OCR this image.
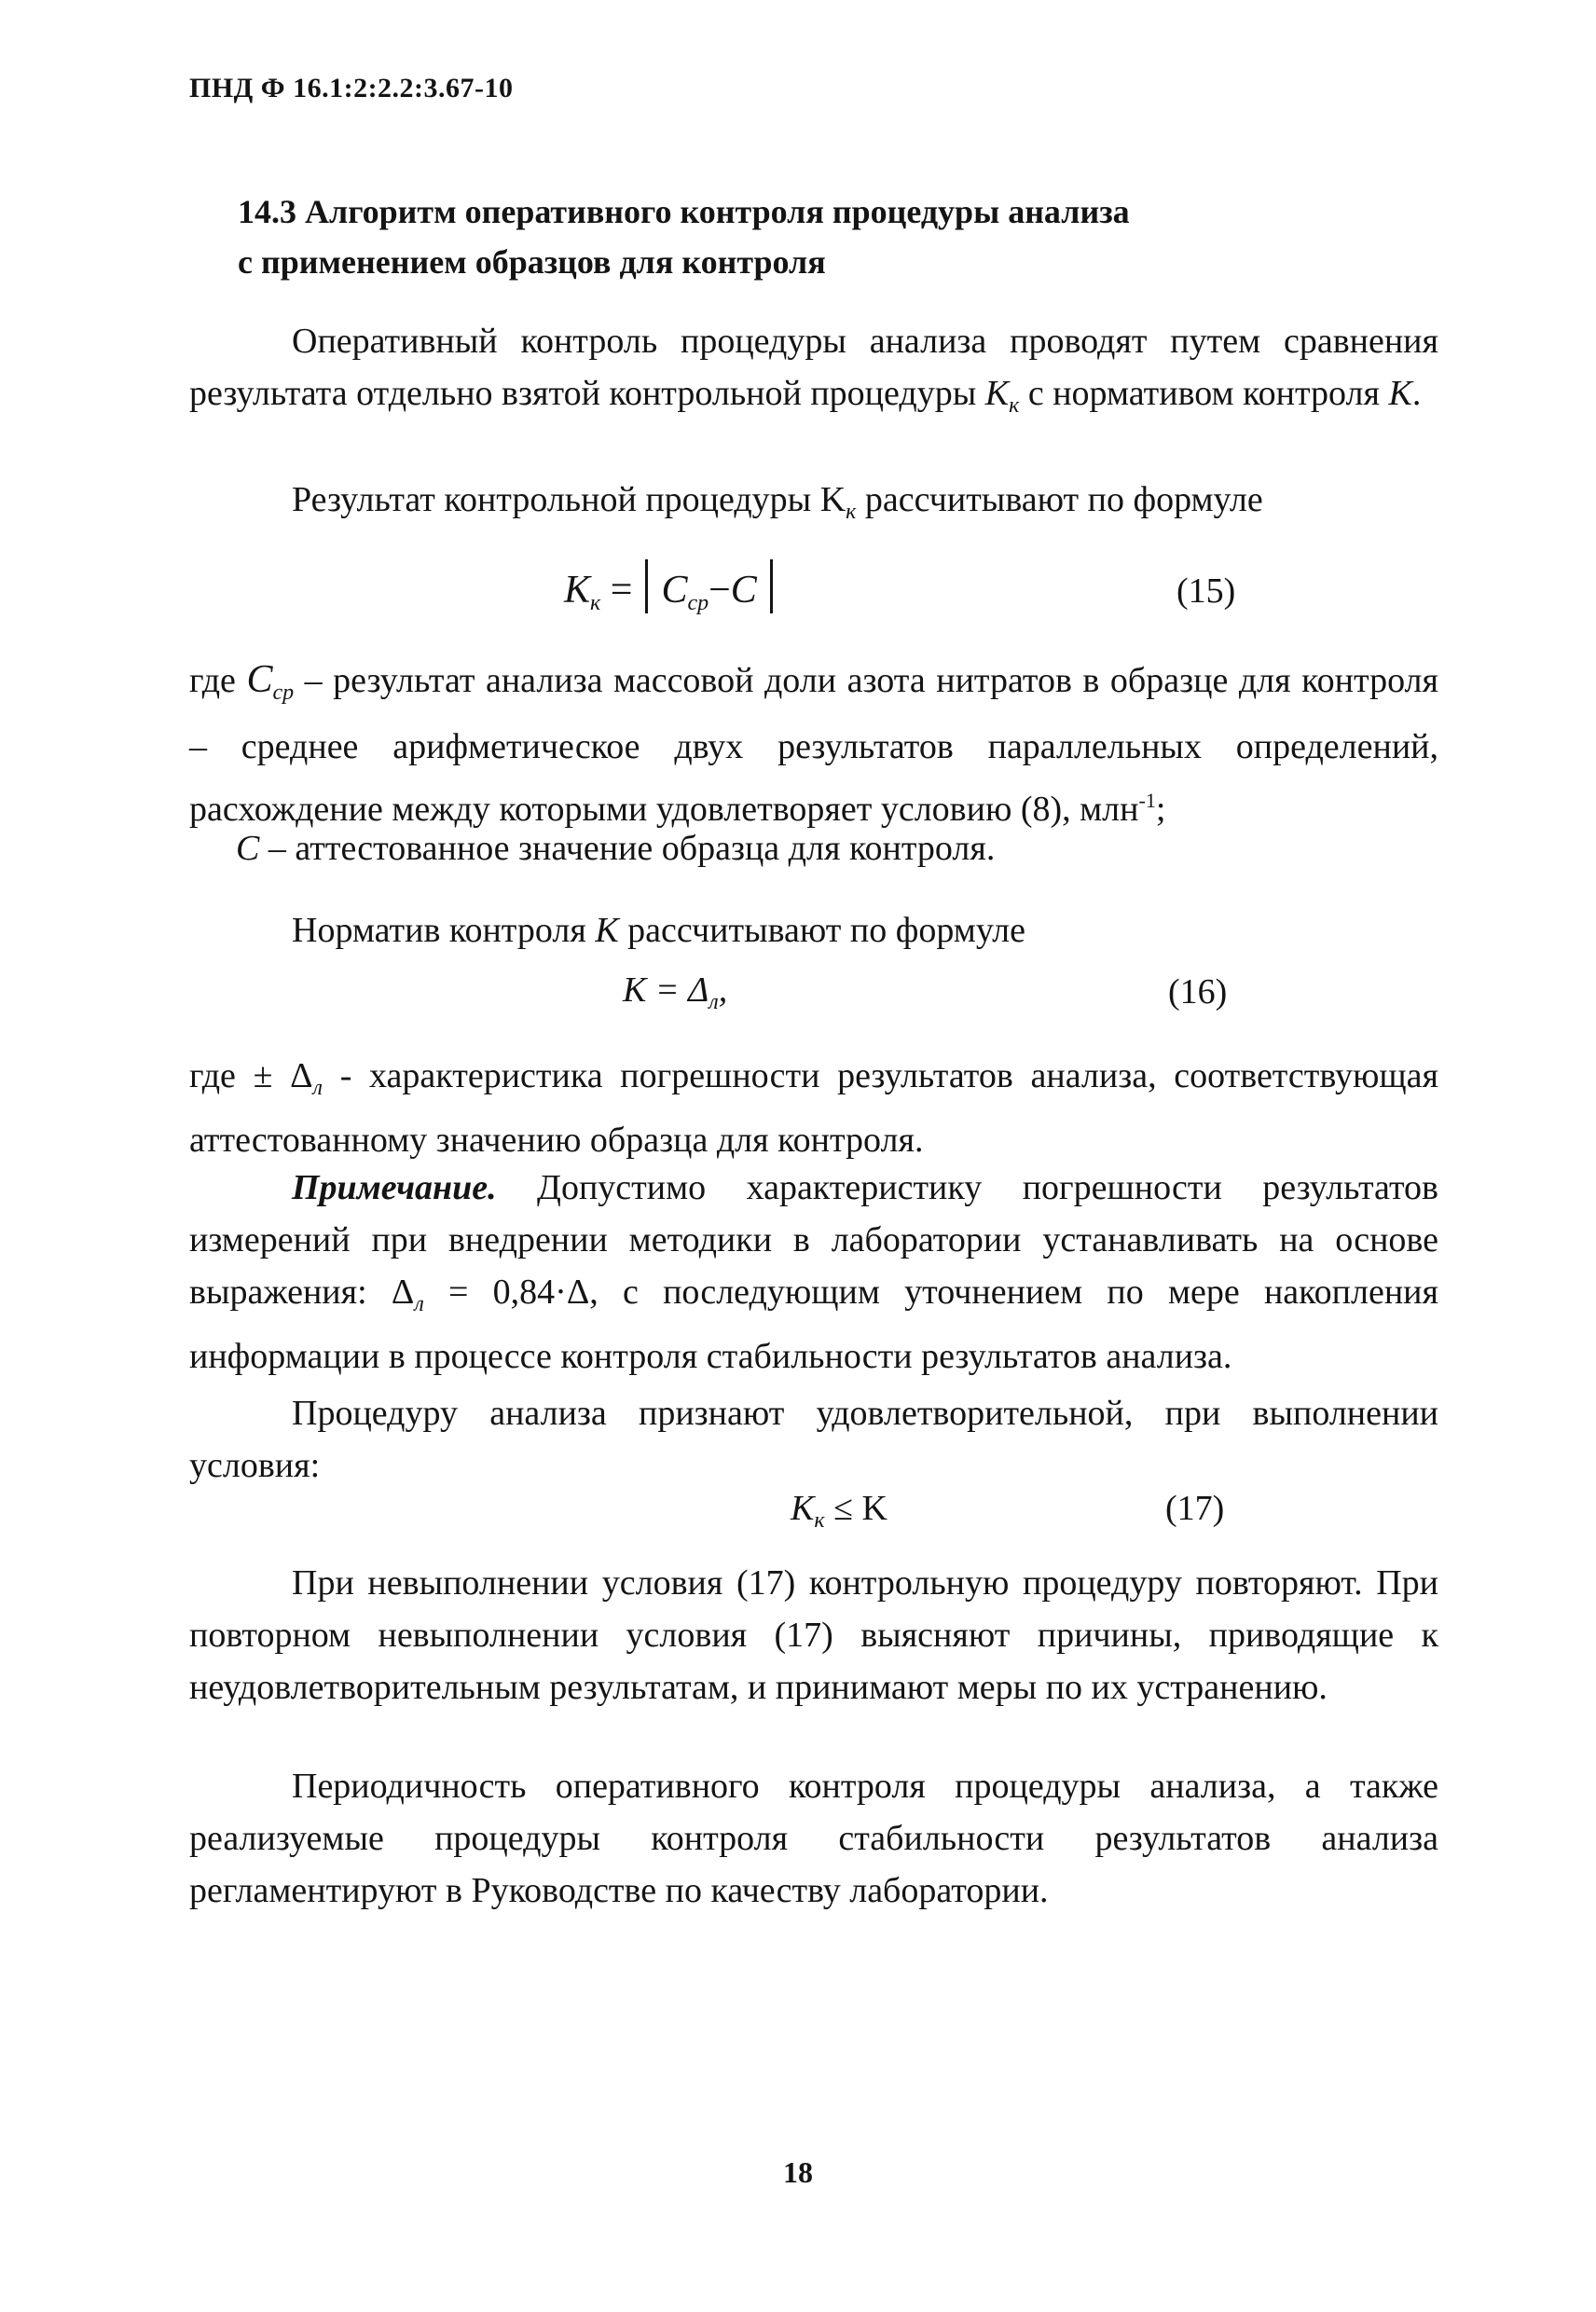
ПНД Ф 16.1:2:2.2:3.67-10
14.3 Алгоритм оперативного контроля процедуры анализа
с применением образцов для контроля

Оперативный контроль процедуры анализа проводят путем сравнения результата отдельно взятой контрольной процедуры $K_к$ с нормативом контроля K.

Результат контрольной процедуры $K_к$ рассчитывают по формуле

$K_к = C_{ср}-C$	(15)

где $C_{ср}$ – результат анализа массовой доли азота нитратов в образце для контроля – среднее арифметическое двух результатов параллельных определений, расхождение между которыми удовлетворяет условию (8), млн$^{-1}$;

C – аттестованное значение образца для контроля.

Норматив контроля K рассчитывают по формуле

$K = \Delta_л$,	(16)

где ± $\Delta_л$ - характеристика погрешности результатов анализа, соответствующая аттестованному значению образца для контроля.

Примечание. Допустимо характеристику погрешности результатов измерений при внедрении методики в лаборатории устанавливать на основе выражения: $\Delta_л = 0,84\cdot\Delta$, с последующим уточнением по мере накопления информации в процессе контроля стабильности результатов анализа.

Процедуру анализа признают удовлетворительной, при выполнении условия:

$K_к \le K$	(17)

При невыполнении условия (17) контрольную процедуру повторяют. При повторном невыполнении условия (17) выясняют причины, приводящие к неудовлетворительным результатам, и принимают меры по их устранению.

Периодичность оперативного контроля процедуры анализа, а также реализуемые процедуры контроля стабильности результатов анализа регламентируют в Руководстве по качеству лаборатории.

18
